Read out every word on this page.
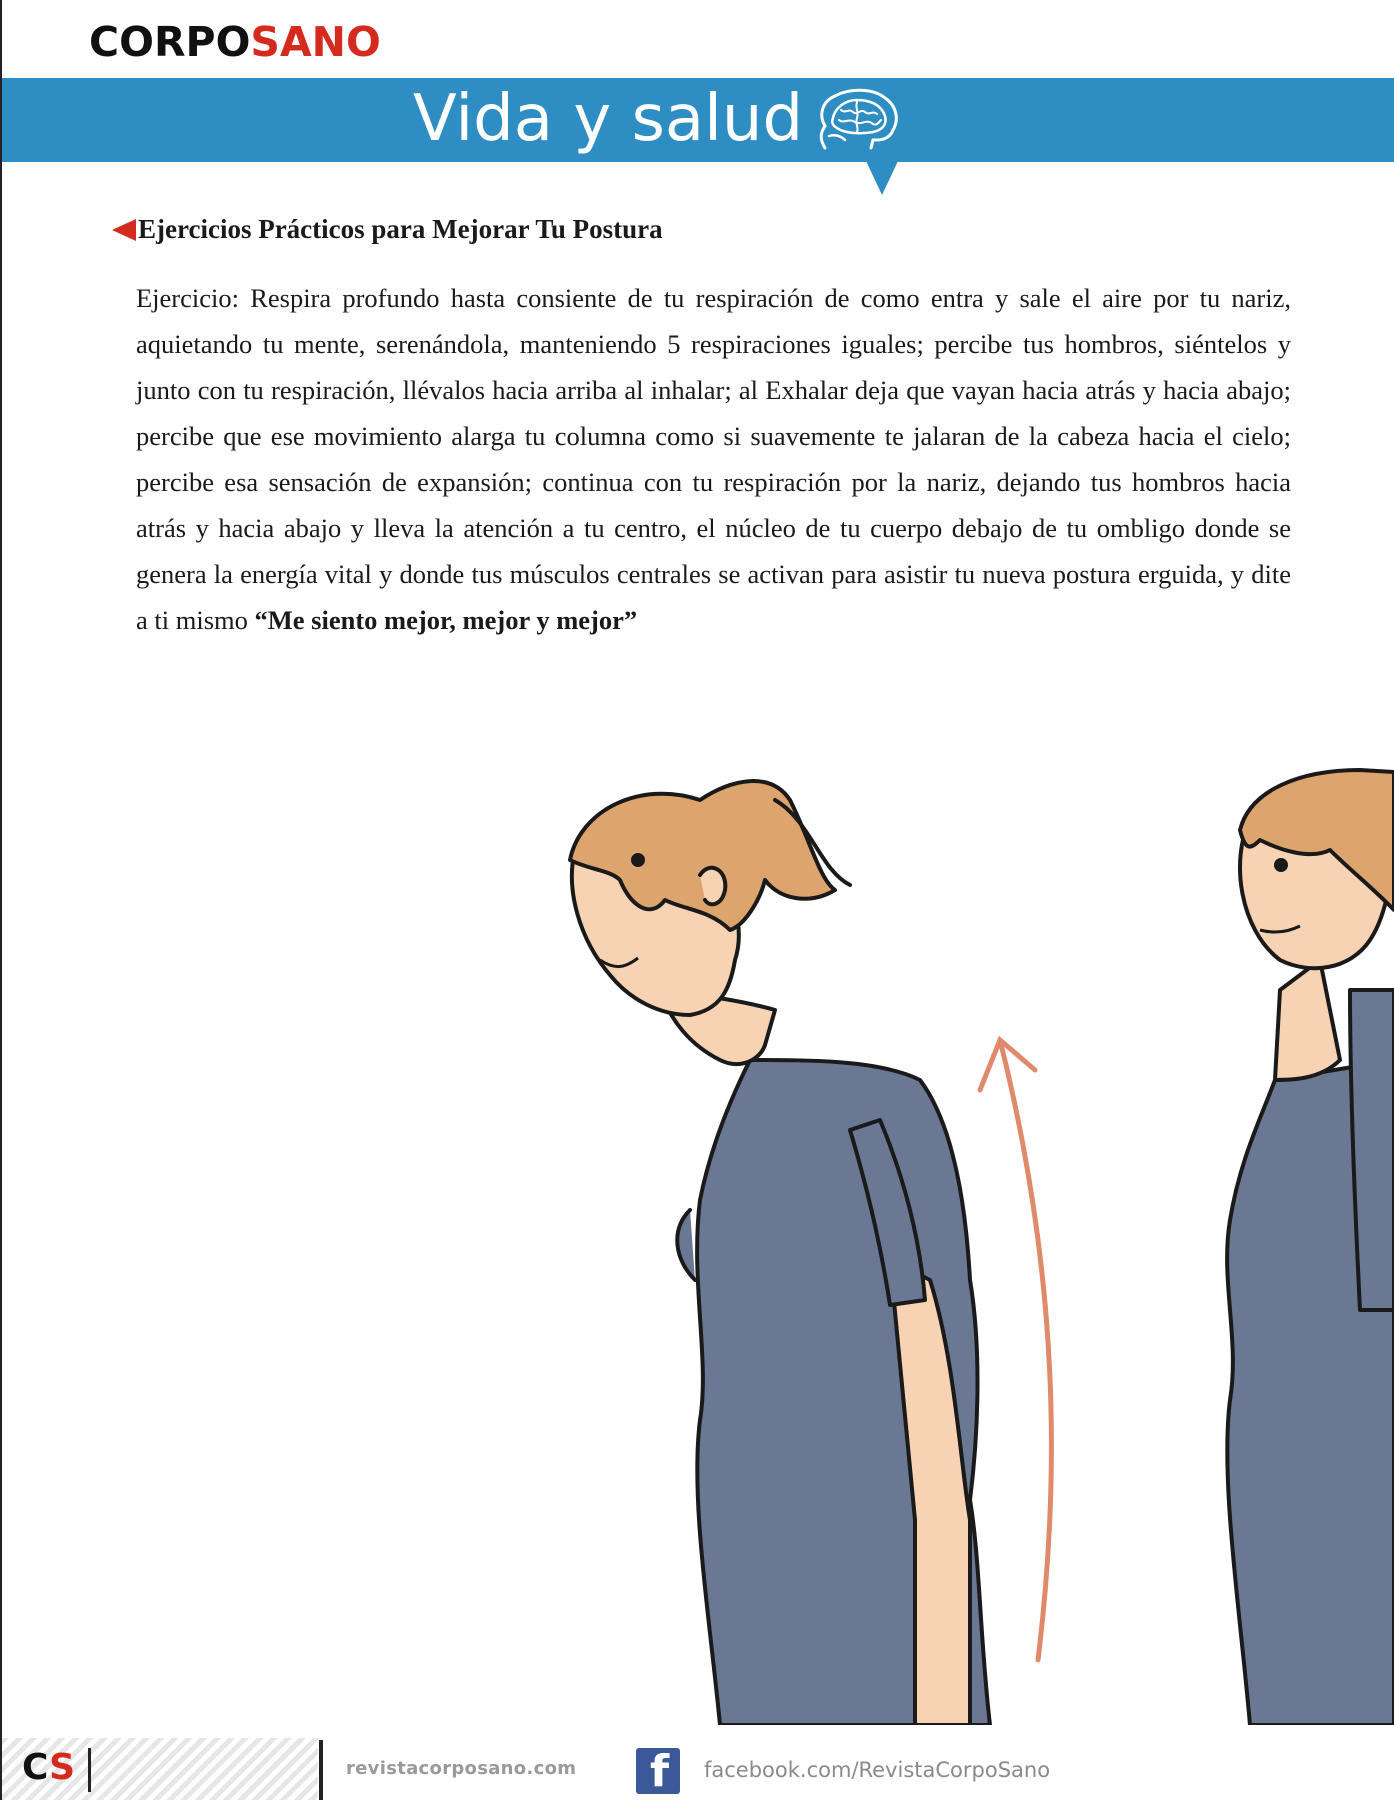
CORPOSANO
Vida y salud
Ejercicios Prácticos para Mejorar Tu Postura

Ejercicio: Respira profundo hasta consiente de tu respiración de como entra y sale el aire por tu nariz, aquietando tu mente, serenándola, manteniendo 5 respiraciones iguales; percibe tus hombros, siéntelos y junto con tu respiración, llévalos hacia arriba al inhalar; al Exhalar deja que vayan hacia atrás y hacia abajo; percibe que ese movimiento alarga tu columna como si suavemente te jalaran de la cabeza hacia el cielo; percibe esa sensación de expansión; continua con tu respiración por la nariz, dejando tus hombros hacia atrás y hacia abajo y lleva la atención a tu centro, el núcleo de tu cuerpo debajo de tu ombligo donde se genera la energía vital y donde tus músculos centrales se activan para asistir tu nueva postura erguida, y dite a ti mismo “Me siento mejor, mejor y mejor”

CS	revistacorposano.com f facebook.com/RevistaCorpoSano
